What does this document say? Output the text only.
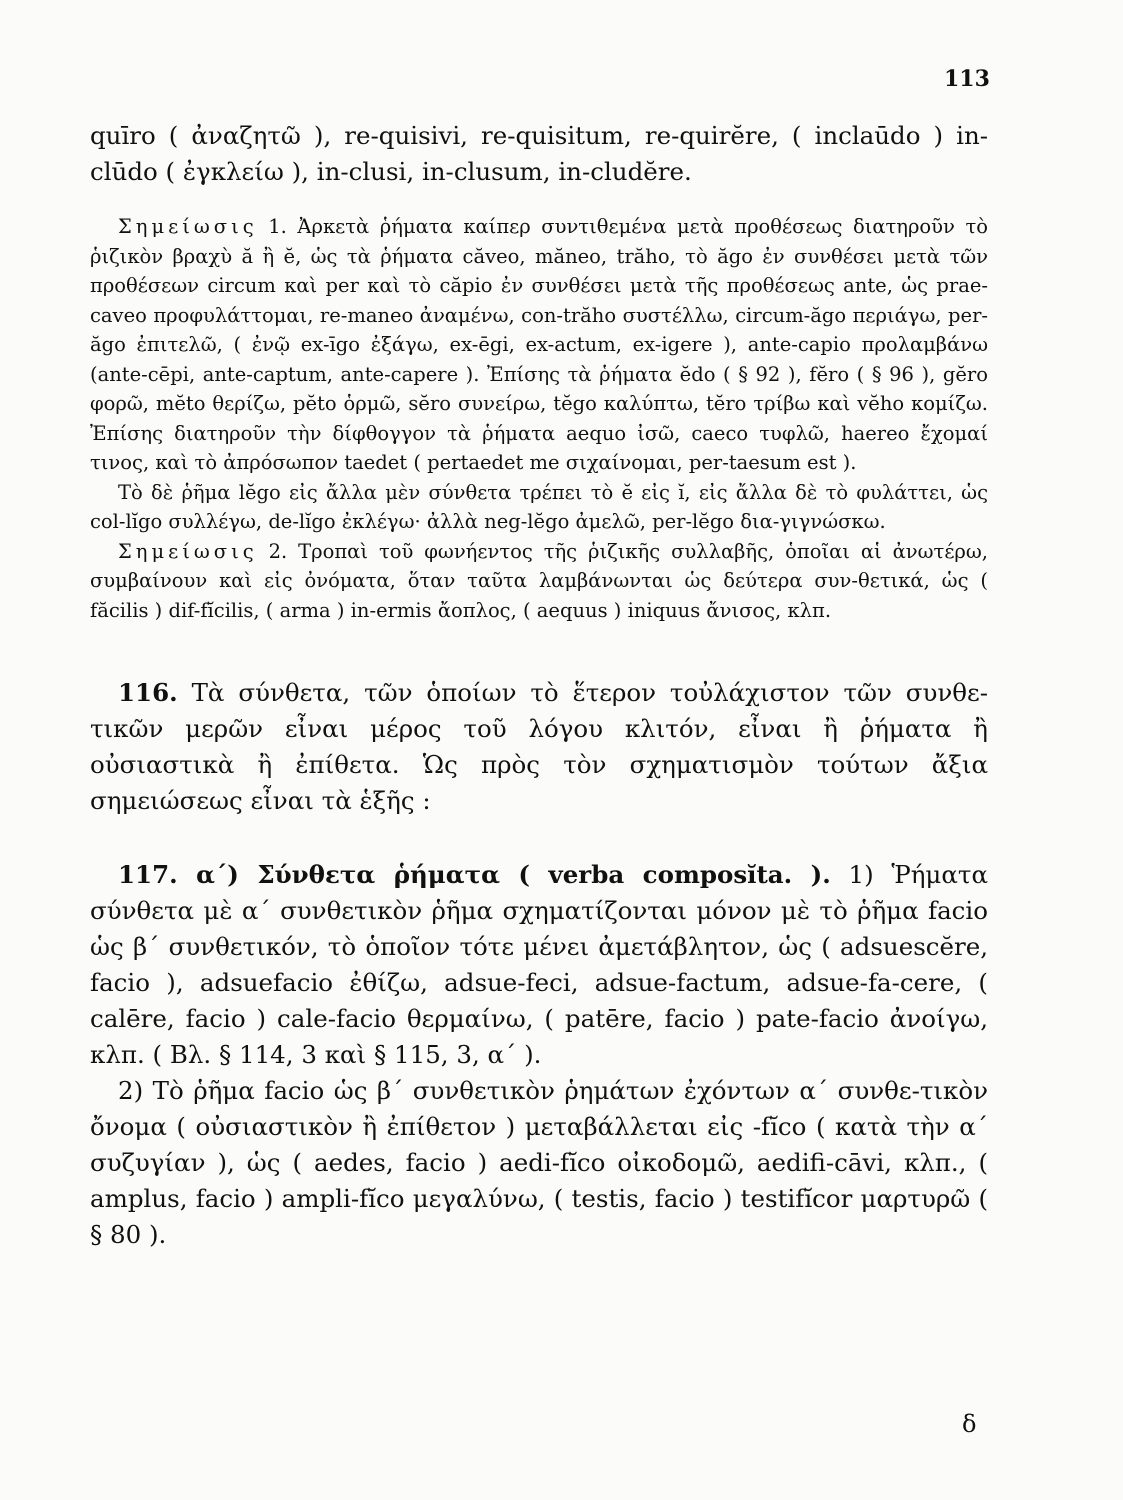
113

quīro ( ἀναζητῶ ), re-quisivi, re-quisitum, re-quirĕre, ( inclaūdo ) in-clūdo ( ἐγκλείω ), in-clusi, in-clusum, in-cludĕre.

Σημείωσις 1. Ἀρκετὰ ῥήματα καίπερ συντιθεμένα μετὰ προθέσεως διατηροῦν τὸ ῥιζικὸν βραχὺ ă ἢ ĕ, ὡς τὰ ῥήματα căveo, măneo, trăho, τὸ ăgo ἐν συνθέσει μετὰ τῶν προθέσεων circum καὶ per καὶ τὸ căpio ἐν συνθέσει μετὰ τῆς προθέσεως ante, ὡς prae-caveo προφυλάττομαι, re-maneo ἀναμένω, con-trăho συστέλλω, circum-ăgo περιάγω, per-ăgo ἐπιτελῶ, ( ἐνῷ ex-īgo ἐξάγω, ex-ēgi, ex-actum, ex-igere ), ante-capio προλαμβάνω (ante-cēpi, ante-captum, ante-capere ). Ἐπίσης τὰ ῥήματα ĕdo ( § 92 ), fĕro ( § 96 ), gĕro φορῶ, mĕto θερίζω, pĕto ὁρμῶ, sĕro συνείρω, tĕgo καλύπτω, tĕro τρίβω καὶ vĕho κομίζω. Ἐπίσης διατηροῦν τὴν δίφθογγον τὰ ῥήματα aequo ἰσῶ, caeco τυφλῶ, haereo ἔχομαί τινος, καὶ τὸ ἀπρόσωπον taedet ( pertaedet me σιχαίνομαι, per-taesum est ).

Τὸ δὲ ῥῆμα lĕgo εἰς ἄλλα μὲν σύνθετα τρέπει τὸ ĕ εἰς ĭ, εἰς ἄλλα δὲ τὸ φυλάττει, ὡς col-lĭgo συλλέγω, de-lĭgo ἐκλέγω· ἀλλὰ neg-lĕgo ἀμελῶ, per-lĕgo δια-γιγνώσκω.

Σημείωσις 2. Τροπαὶ τοῦ φωνήεντος τῆς ῥιζικῆς συλλαβῆς, ὁποῖαι αἱ ἀνωτέρω, συμβαίνουν καὶ εἰς ὀνόματα, ὅταν ταῦτα λαμβάνωνται ὡς δεύτερα συν-θετικά, ὡς ( făcilis ) dif-fĭcilis, ( arma ) in-ermis ἄοπλος, ( aequus ) iniquus ἄνισος, κλπ.

116. Τὰ σύνθετα, τῶν ὁποίων τὸ ἕτερον τοὐλάχιστον τῶν συνθε-τικῶν μερῶν εἶναι μέρος τοῦ λόγου κλιτόν, εἶναι ἢ ῥήματα ἢ οὐσιαστικὰ ἢ ἐπίθετα. Ὡς πρὸς τὸν σχηματισμὸν τούτων ἄξια σημειώσεως εἶναι τὰ ἑξῆς :

117. α΄) Σύνθετα ῥήματα ( verba composĭta. ). 1) Ῥήματα σύνθετα μὲ α΄ συνθετικὸν ῥῆμα σχηματίζονται μόνον μὲ τὸ ῥῆμα facio ὡς β΄ συνθετικόν, τὸ ὁποῖον τότε μένει ἀμετάβλητον, ὡς ( adsuescĕre, facio ), adsuefacio ἐθίζω, adsue-feci, adsue-factum, adsue-fa-cere, ( calēre, facio ) cale-facio θερμαίνω, ( patēre, facio ) pate-facio ἀνοίγω, κλπ. ( Βλ. § 114, 3 καὶ § 115, 3, α΄ ).

2) Τὸ ῥῆμα facio ὡς β΄ συνθετικὸν ῥημάτων ἐχόντων α΄ συνθε-τικὸν ὄνομα ( οὐσιαστικὸν ἢ ἐπίθετον ) μεταβάλλεται εἰς -fĭco ( κατὰ τὴν α΄ συζυγίαν ), ὡς ( aedes, facio ) aedi-fĭco οἰκοδομῶ, aedifi-cāvi, κλπ., ( amplus, facio ) ampli-fĭco μεγαλύνω, ( testis, facio ) testifĭcor μαρτυρῶ ( § 80 ).

δ
